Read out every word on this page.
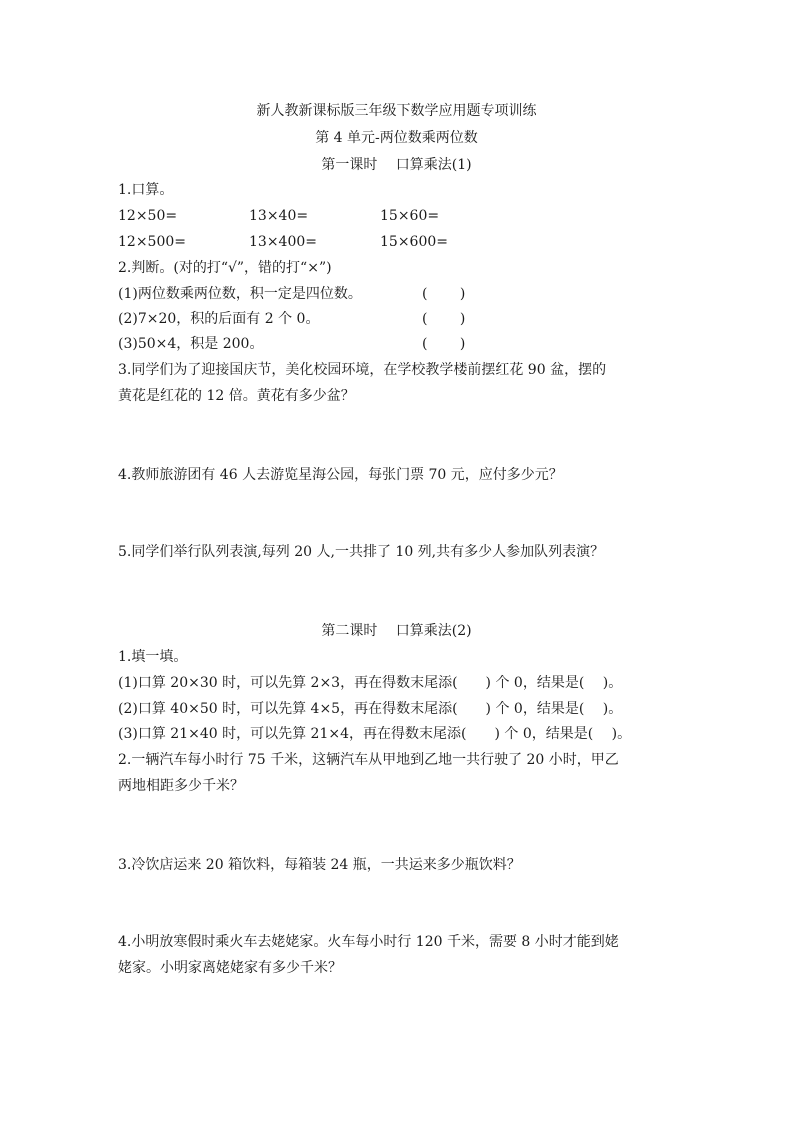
新人教新课标版三年级下数学应用题专项训练
第 4 单元-两位数乘两位数
第一课时　 口算乘法(1)
1.口算。
12×50=	13×40=	15×60=
12×500=	13×400=	15×600=
2.判断。(对的打“√”，错的打“×”)
(1)两位数乘两位数，积一定是四位数。	(　　 )
(2)7×20，积的后面有 2 个 0。	(　　 )
(3)50×4，积是 200。	(　　 )
3.同学们为了迎接国庆节，美化校园环境，在学校教学楼前摆红花 90 盆，摆的
黄花是红花的 12 倍。黄花有多少盆？
4.教师旅游团有 46 人去游览星海公园，每张门票 70 元，应付多少元？
5.同学们举行队列表演,每列 20 人,一共排了 10 列,共有多少人参加队列表演？
第二课时　 口算乘法(2)
1.填一填。
(1)口算 20×30 时，可以先算 2×3，再在得数末尾添(　　) 个 0，结果是(　 )。
(2)口算 40×50 时，可以先算 4×5，再在得数末尾添(　　) 个 0，结果是(　 )。
(3)口算 21×40 时，可以先算 21×4，再在得数末尾添(　　) 个 0，结果是(　 )。
2.一辆汽车每小时行 75 千米，这辆汽车从甲地到乙地一共行驶了 20 小时，甲乙
两地相距多少千米？
3.冷饮店运来 20 箱饮料，每箱装 24 瓶，一共运来多少瓶饮料？
4.小明放寒假时乘火车去姥姥家。火车每小时行 120 千米，需要 8 小时才能到姥
姥家。小明家离姥姥家有多少千米？
